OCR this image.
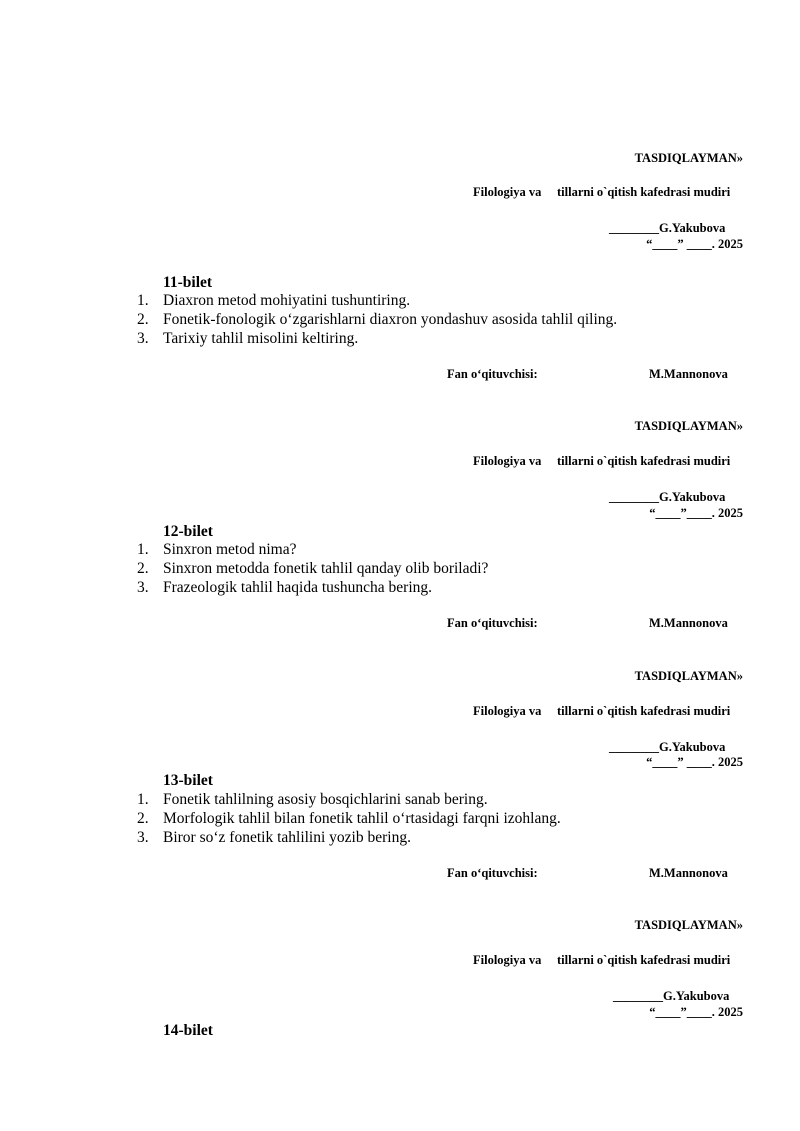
TASDIQLAYMAN»
Filologiya va tillarni o`qitish kafedrasi mudiri
________G.Yakubova
“____” ____. 2025
11-bilet
1. Diaxron metod mohiyatini tushuntiring.
2. Fonetik-fonologik o‘zgarishlarni diaxron yondashuv asosida tahlil qiling.
3. Tarixiy tahlil misolini keltiring.
Fan o‘qituvchisi:	M.Mannonova
TASDIQLAYMAN»
Filologiya va tillarni o`qitish kafedrasi mudiri
________G.Yakubova
“____”____. 2025
12-bilet
1. Sinxron metod nima?
2. Sinxron metodda fonetik tahlil qanday olib boriladi?
3. Frazeologik tahlil haqida tushuncha bering.
Fan o‘qituvchisi:	M.Mannonova
TASDIQLAYMAN»
Filologiya va tillarni o`qitish kafedrasi mudiri
________G.Yakubova
“____” ____. 2025
13-bilet
1. Fonetik tahlilning asosiy bosqichlarini sanab bering.
2. Morfologik tahlil bilan fonetik tahlil o‘rtasidagi farqni izohlang.
3. Biror so‘z fonetik tahlilini yozib bering.
Fan o‘qituvchisi:	M.Mannonova
TASDIQLAYMAN»
Filologiya va tillarni o`qitish kafedrasi mudiri
________G.Yakubova
“____”____. 2025
14-bilet
